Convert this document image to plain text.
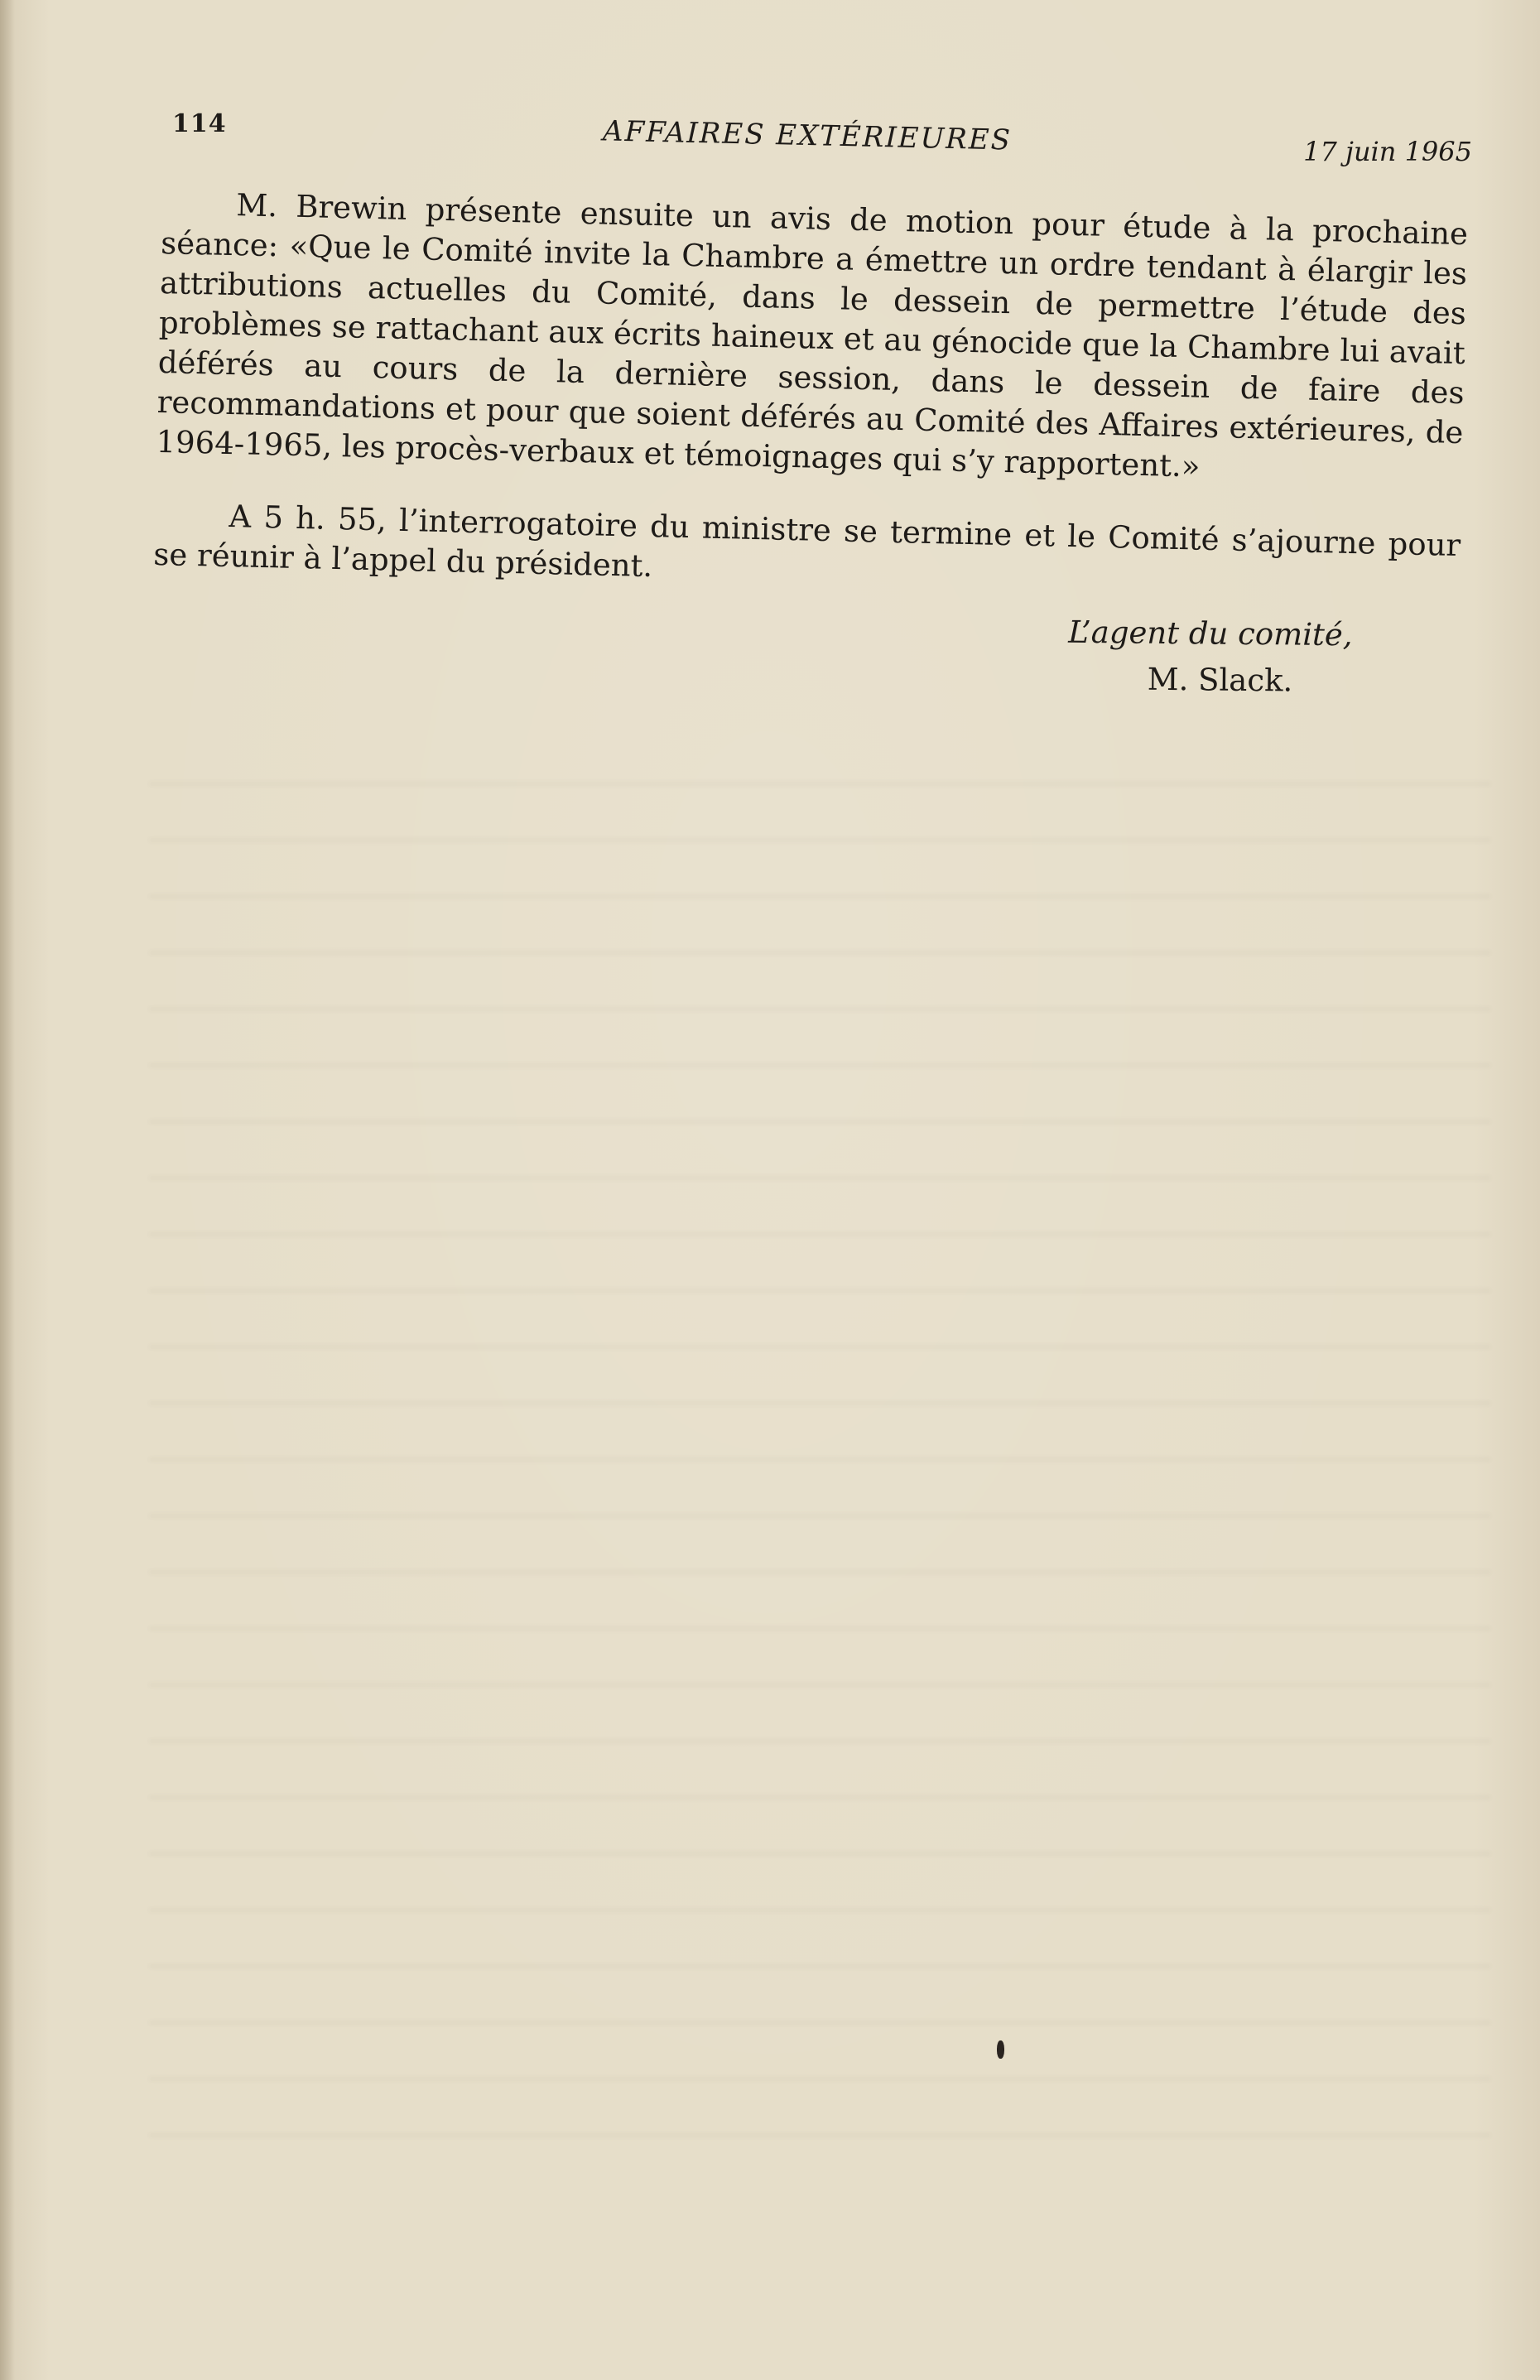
114	AFFAIRES EXTÉRIEURES	17 juin 1965

M. Brewin présente ensuite un avis de motion pour étude à la prochaine séance: «Que le Comité invite la Chambre a émettre un ordre tendant à élargir les attributions actuelles du Comité, dans le dessein de permettre l’étude des problèmes se rattachant aux écrits haineux et au génocide que la Chambre lui avait déférés au cours de la dernière session, dans le dessein de faire des recommandations et pour que soient déférés au Comité des Affaires extérieures, de 1964-1965, les procès-verbaux et témoignages qui s’y rapportent.»

A 5 h. 55, l’interrogatoire du ministre se termine et le Comité s’ajourne pour se réunir à l’appel du président.

L’agent du comité,
M. Slack.
